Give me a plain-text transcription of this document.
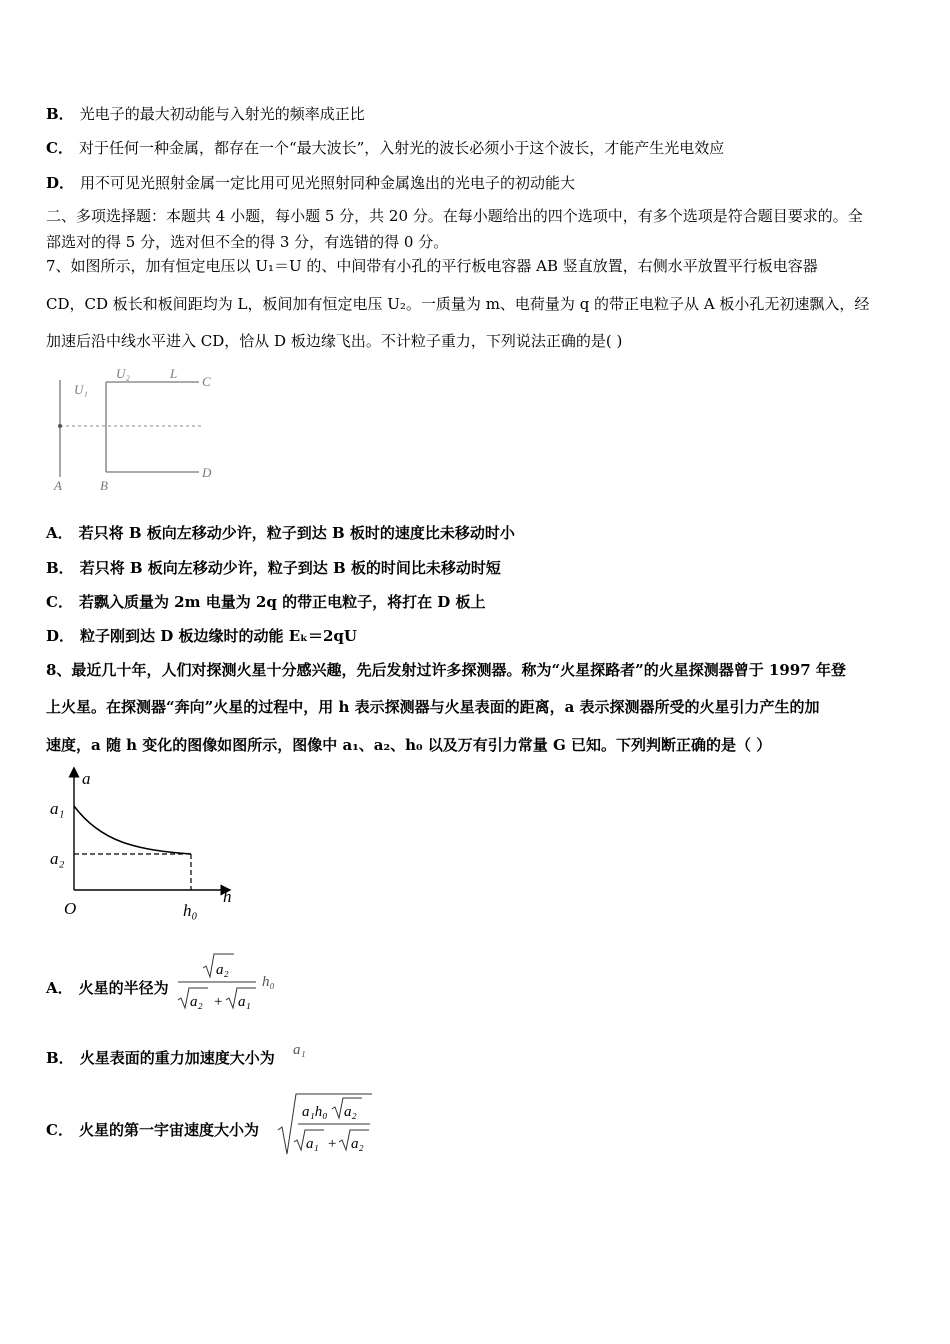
B． 光电子的最大初动能与入射光的频率成正比
C． 对于任何一种金属，都存在一个“最大波长”，入射光的波长必须小于这个波长，才能产生光电效应
D． 用不可见光照射金属一定比用可见光照射同种金属逸出的光电子的初动能大
二、多项选择题：本题共 4 小题，每小题 5 分，共 20 分。在每小题给出的四个选项中，有多个选项是符合题目要求的。全
部选对的得 5 分，选对但不全的得 3 分，有选错的得 0 分。
7、如图所示，加有恒定电压以 U₁＝U 的、中间带有小孔的平行板电容器 AB 竖直放置，右侧水平放置平行板电容器
CD，CD 板长和板间距均为 L，板间加有恒定电压 U₂。一质量为 m、电荷量为 q 的带正电粒子从 A 板小孔无初速飘入，经
加速后沿中线水平进入 CD，恰从 D 板边缘飞出。不计粒子重力，下列说法正确的是( )
U₁
U₂	L
C
D
A	B
A． 若只将 B 板向左移动少许，粒子到达 B 板时的速度比未移动时小
B． 若只将 B 板向左移动少许，粒子到达 B 板的时间比未移动时短
C． 若飘入质量为 2m 电量为 2q 的带正电粒子，将打在 D 板上
D． 粒子刚到达 D 板边缘时的动能 Eₖ＝2qU
8、最近几十年，人们对探测火星十分感兴趣，先后发射过许多探测器。称为“火星探路者”的火星探测器曾于 1997 年登
上火星。在探测器“奔向”火星的过程中，用 h 表示探测器与火星表面的距离，a 表示探测器所受的火星引力产生的加
速度，a 随 h 变化的图像如图所示，图像中 a₁、a₂、h₀ 以及万有引力常量 G 已知。下列判断正确的是（ ）
a
h
O
a₁
a₂
h₀
A． 火星的半径为
a₂
a₂ + a₁
h₀
B． 火星表面的重力加速度大小为 a₁
C． 火星的第一宇宙速度大小为
a₁h₀ a₂
a₁ + a₂
